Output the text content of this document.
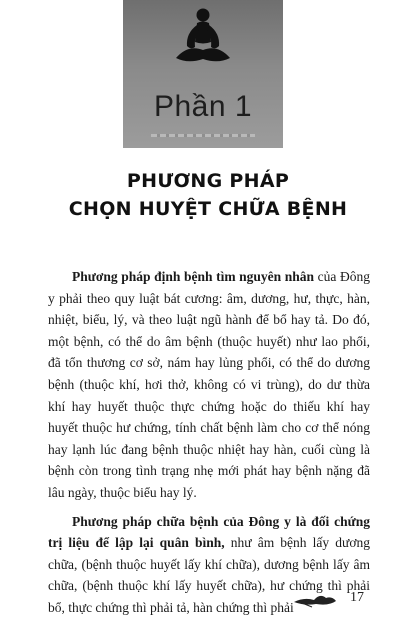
Phần 1
PHƯƠNG PHÁP
CHỌN HUYỆT CHỮA BỆNH

Phương pháp định bệnh tìm nguyên nhân của Đông y phải theo quy luật bát cương: âm, dương, hư, thực, hàn, nhiệt, biểu, lý, và theo luật ngũ hành để bổ hay tả. Do đó, một bệnh, có thể do âm bệnh (thuộc huyết) như lao phổi, đã tổn thương cơ sở, nám hay lủng phổi, có thể do dương bệnh (thuộc khí, hơi thở, không có vi trùng), do dư thừa khí hay huyết thuộc thực chứng hoặc do thiếu khí hay huyết thuộc hư chứng, tính chất bệnh làm cho cơ thể nóng hay lạnh lúc đang bệnh thuộc nhiệt hay hàn, cuối cùng là bệnh còn trong tình trạng nhẹ mới phát hay bệnh nặng đã lâu ngày, thuộc biểu hay lý.

Phương pháp chữa bệnh của Đông y là đối chứng trị liệu để lập lại quân bình, như âm bệnh lấy dương chữa, (bệnh thuộc huyết lấy khí chữa), dương bệnh lấy âm chữa, (bệnh thuộc khí lấy huyết chữa), hư chứng thì phải bổ, thực chứng thì phải tả, hàn chứng thì phải

17
